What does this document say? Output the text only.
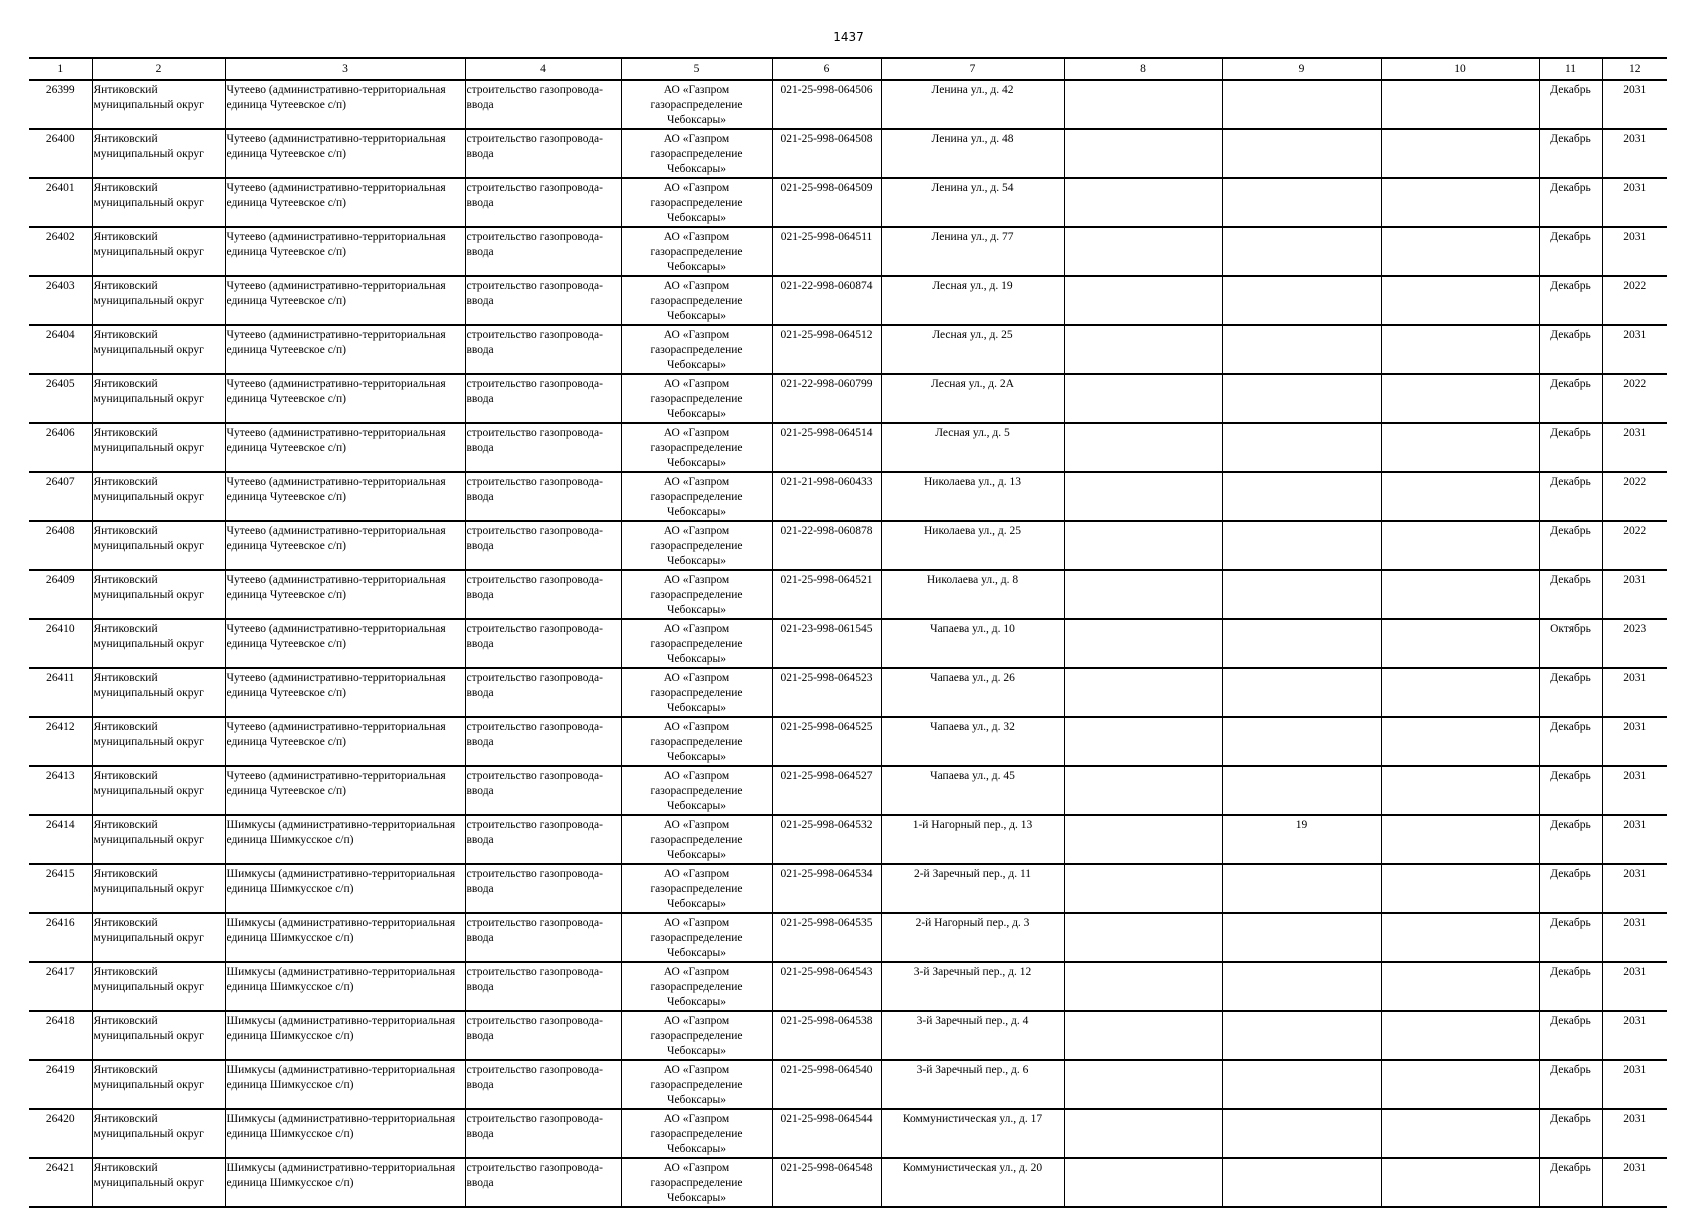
1437
1	2	3	4	5	6	7	8	9	10	11	12
26399	Янтиковский муниципальный округ	Чутеево (административно-территориальная единица Чутеевское с/п)	строительство газопровода-ввода	АО «Газпром газораспределение Чебоксары»	021-25-998-064506	Ленина ул., д. 42				Декабрь	2031
26400	Янтиковский муниципальный округ	Чутеево (административно-территориальная единица Чутеевское с/п)	строительство газопровода-ввода	АО «Газпром газораспределение Чебоксары»	021-25-998-064508	Ленина ул., д. 48				Декабрь	2031
26401	Янтиковский муниципальный округ	Чутеево (административно-территориальная единица Чутеевское с/п)	строительство газопровода-ввода	АО «Газпром газораспределение Чебоксары»	021-25-998-064509	Ленина ул., д. 54				Декабрь	2031
26402	Янтиковский муниципальный округ	Чутеево (административно-территориальная единица Чутеевское с/п)	строительство газопровода-ввода	АО «Газпром газораспределение Чебоксары»	021-25-998-064511	Ленина ул., д. 77				Декабрь	2031
26403	Янтиковский муниципальный округ	Чутеево (административно-территориальная единица Чутеевское с/п)	строительство газопровода-ввода	АО «Газпром газораспределение Чебоксары»	021-22-998-060874	Лесная ул., д. 19				Декабрь	2022
26404	Янтиковский муниципальный округ	Чутеево (административно-территориальная единица Чутеевское с/п)	строительство газопровода-ввода	АО «Газпром газораспределение Чебоксары»	021-25-998-064512	Лесная ул., д. 25				Декабрь	2031
26405	Янтиковский муниципальный округ	Чутеево (административно-территориальная единица Чутеевское с/п)	строительство газопровода-ввода	АО «Газпром газораспределение Чебоксары»	021-22-998-060799	Лесная ул., д. 2А				Декабрь	2022
26406	Янтиковский муниципальный округ	Чутеево (административно-территориальная единица Чутеевское с/п)	строительство газопровода-ввода	АО «Газпром газораспределение Чебоксары»	021-25-998-064514	Лесная ул., д. 5				Декабрь	2031
26407	Янтиковский муниципальный округ	Чутеево (административно-территориальная единица Чутеевское с/п)	строительство газопровода-ввода	АО «Газпром газораспределение Чебоксары»	021-21-998-060433	Николаева ул., д. 13				Декабрь	2022
26408	Янтиковский муниципальный округ	Чутеево (административно-территориальная единица Чутеевское с/п)	строительство газопровода-ввода	АО «Газпром газораспределение Чебоксары»	021-22-998-060878	Николаева ул., д. 25				Декабрь	2022
26409	Янтиковский муниципальный округ	Чутеево (административно-территориальная единица Чутеевское с/п)	строительство газопровода-ввода	АО «Газпром газораспределение Чебоксары»	021-25-998-064521	Николаева ул., д. 8				Декабрь	2031
26410	Янтиковский муниципальный округ	Чутеево (административно-территориальная единица Чутеевское с/п)	строительство газопровода-ввода	АО «Газпром газораспределение Чебоксары»	021-23-998-061545	Чапаева ул., д. 10				Октябрь	2023
26411	Янтиковский муниципальный округ	Чутеево (административно-территориальная единица Чутеевское с/п)	строительство газопровода-ввода	АО «Газпром газораспределение Чебоксары»	021-25-998-064523	Чапаева ул., д. 26				Декабрь	2031
26412	Янтиковский муниципальный округ	Чутеево (административно-территориальная единица Чутеевское с/п)	строительство газопровода-ввода	АО «Газпром газораспределение Чебоксары»	021-25-998-064525	Чапаева ул., д. 32				Декабрь	2031
26413	Янтиковский муниципальный округ	Чутеево (административно-территориальная единица Чутеевское с/п)	строительство газопровода-ввода	АО «Газпром газораспределение Чебоксары»	021-25-998-064527	Чапаева ул., д. 45				Декабрь	2031
26414	Янтиковский муниципальный округ	Шимкусы (административно-территориальная единица Шимкусское с/п)	строительство газопровода-ввода	АО «Газпром газораспределение Чебоксары»	021-25-998-064532	1-й Нагорный пер., д. 13		19		Декабрь	2031
26415	Янтиковский муниципальный округ	Шимкусы (административно-территориальная единица Шимкусское с/п)	строительство газопровода-ввода	АО «Газпром газораспределение Чебоксары»	021-25-998-064534	2-й Заречный пер., д. 11				Декабрь	2031
26416	Янтиковский муниципальный округ	Шимкусы (административно-территориальная единица Шимкусское с/п)	строительство газопровода-ввода	АО «Газпром газораспределение Чебоксары»	021-25-998-064535	2-й Нагорный пер., д. 3				Декабрь	2031
26417	Янтиковский муниципальный округ	Шимкусы (административно-территориальная единица Шимкусское с/п)	строительство газопровода-ввода	АО «Газпром газораспределение Чебоксары»	021-25-998-064543	3-й Заречный пер., д. 12				Декабрь	2031
26418	Янтиковский муниципальный округ	Шимкусы (административно-территориальная единица Шимкусское с/п)	строительство газопровода-ввода	АО «Газпром газораспределение Чебоксары»	021-25-998-064538	3-й Заречный пер., д. 4				Декабрь	2031
26419	Янтиковский муниципальный округ	Шимкусы (административно-территориальная единица Шимкусское с/п)	строительство газопровода-ввода	АО «Газпром газораспределение Чебоксары»	021-25-998-064540	3-й Заречный пер., д. 6				Декабрь	2031
26420	Янтиковский муниципальный округ	Шимкусы (административно-территориальная единица Шимкусское с/п)	строительство газопровода-ввода	АО «Газпром газораспределение Чебоксары»	021-25-998-064544	Коммунистическая ул., д. 17				Декабрь	2031
26421	Янтиковский муниципальный округ	Шимкусы (административно-территориальная единица Шимкусское с/п)	строительство газопровода-ввода	АО «Газпром газораспределение Чебоксары»	021-25-998-064548	Коммунистическая ул., д. 20				Декабрь	2031
